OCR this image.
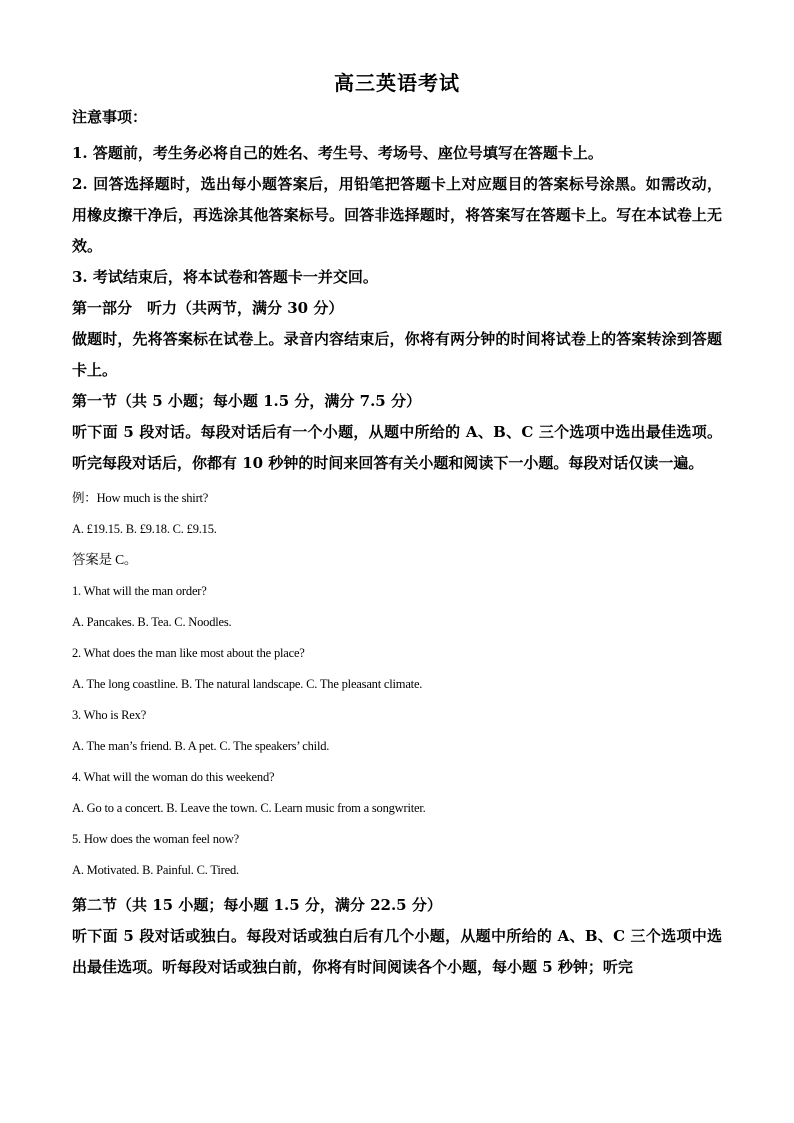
高三英语考试

注意事项：

1. 答题前，考生务必将自己的姓名、考生号、考场号、座位号填写在答题卡上。

2. 回答选择题时，选出每小题答案后，用铅笔把答题卡上对应题目的答案标号涂黑。如需改动，用橡皮擦干净后，再选涂其他答案标号。回答非选择题时，将答案写在答题卡上。写在本试卷上无效。

3. 考试结束后，将本试卷和答题卡一并交回。

第一部分　听力（共两节，满分 30 分）

做题时，先将答案标在试卷上。录音内容结束后，你将有两分钟的时间将试卷上的答案转涂到答题卡上。

第一节（共 5 小题；每小题 1.5 分，满分 7.5 分）

听下面 5 段对话。每段对话后有一个小题，从题中所给的 A、B、C 三个选项中选出最佳选项。听完每段对话后，你都有 10 秒钟的时间来回答有关小题和阅读下一小题。每段对话仅读一遍。

例：How much is the shirt?

A. £19.15. B. £9.18. C. £9.15.

答案是 C。

1. What will the man order?

A. Pancakes. B. Tea. C. Noodles.

2. What does the man like most about the place?

A. The long coastline. B. The natural landscape. C. The pleasant climate.

3. Who is Rex?

A. The man’s friend. B. A pet. C. The speakers’ child.

4. What will the woman do this weekend?

A. Go to a concert. B. Leave the town. C. Learn music from a songwriter.

5. How does the woman feel now?

A. Motivated. B. Painful. C. Tired.

第二节（共 15 小题；每小题 1.5 分，满分 22.5 分）

听下面 5 段对话或独白。每段对话或独白后有几个小题，从题中所给的 A、B、C 三个选项中选出最佳选项。听每段对话或独白前，你将有时间阅读各个小题，每小题 5 秒钟；听完
